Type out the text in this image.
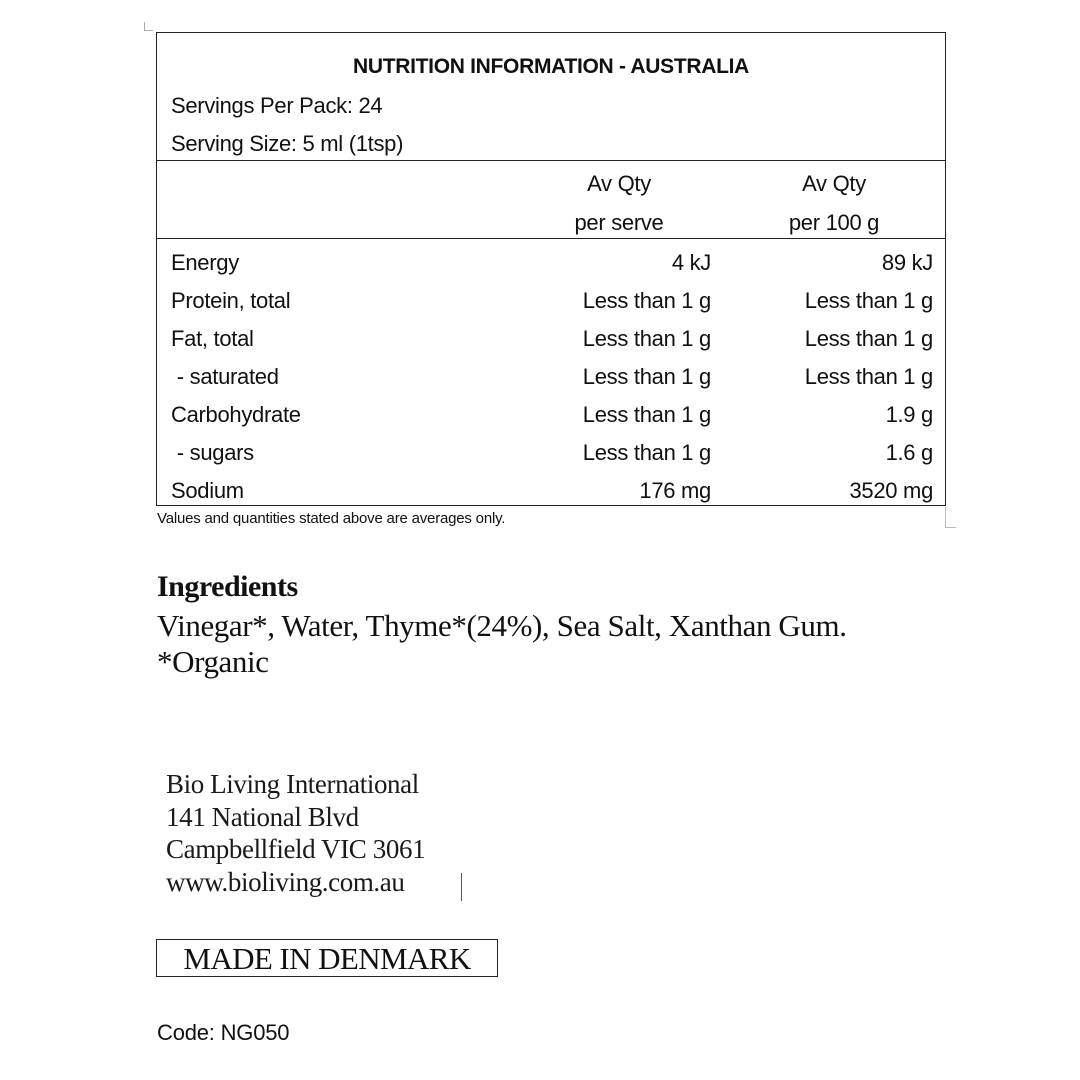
NUTRITION INFORMATION - AUSTRALIA
Servings Per Pack: 24
Serving Size: 5 ml (1tsp)
Av Qty
per serve
Av Qty
per 100 g
Energy	4 kJ	89 kJ
Protein, total	Less than 1 g	Less than 1 g
Fat, total	Less than 1 g	Less than 1 g
- saturated	Less than 1 g	Less than 1 g
Carbohydrate	Less than 1 g	1.9 g
- sugars	Less than 1 g	1.6 g
Sodium	176 mg	3520 mg
Values and quantities stated above are averages only.
Ingredients
Vinegar*, Water, Thyme*(24%), Sea Salt, Xanthan Gum.
*Organic
Bio Living International
141 National Blvd
Campbellfield VIC 3061
www.bioliving.com.au
MADE IN DENMARK
Code: NG050
